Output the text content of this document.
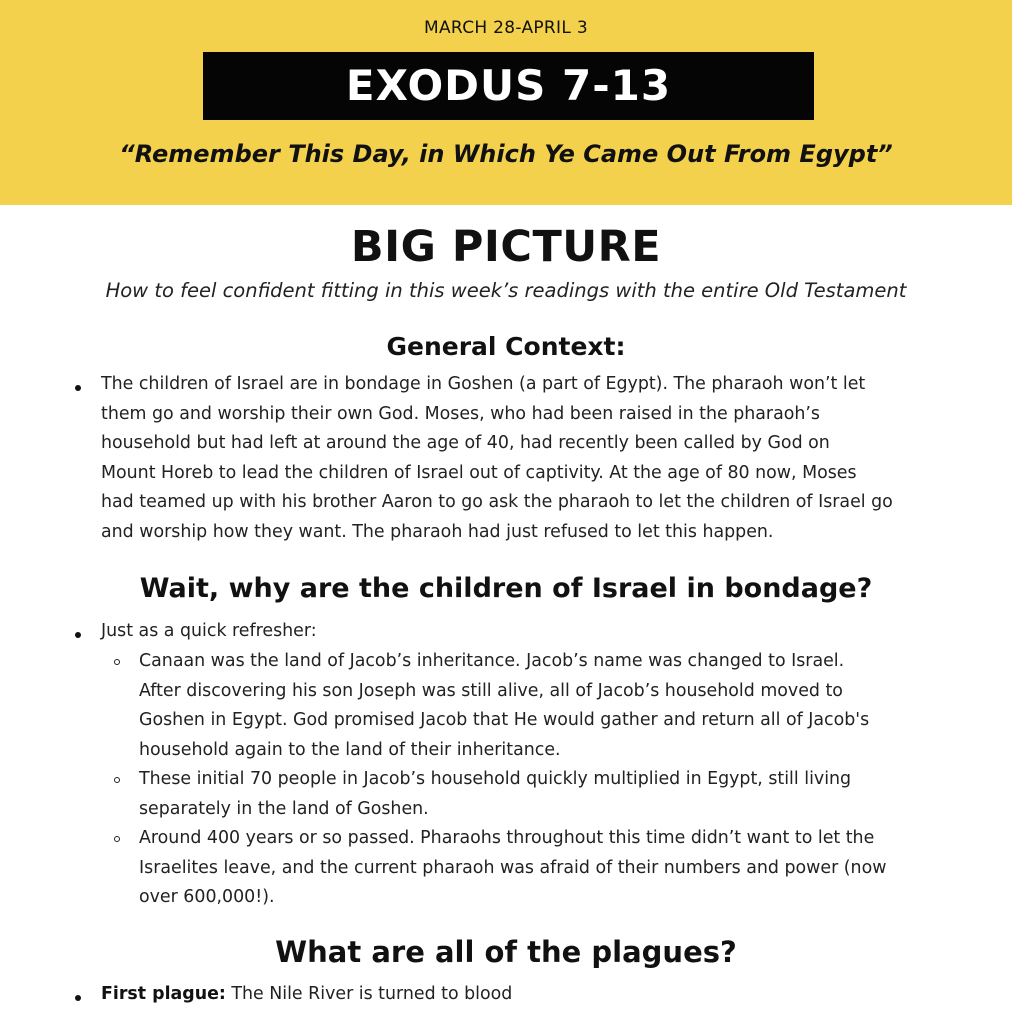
MARCH 28-APRIL 3
EXODUS 7-13
“Remember This Day, in Which Ye Came Out From Egypt”
BIG PICTURE
How to feel confident fitting in this week’s readings with the entire Old Testament
General Context:
The children of Israel are in bondage in Goshen (a part of Egypt). The pharaoh won’t let
them go and worship their own God. Moses, who had been raised in the pharaoh’s
household but had left at around the age of 40, had recently been called by God on
Mount Horeb to lead the children of Israel out of captivity. At the age of 80 now, Moses
had teamed up with his brother Aaron to go ask the pharaoh to let the children of Israel go
and worship how they want. The pharaoh had just refused to let this happen.
Wait, why are the children of Israel in bondage?
Just as a quick refresher:
Canaan was the land of Jacob’s inheritance. Jacob’s name was changed to Israel.
After discovering his son Joseph was still alive, all of Jacob’s household moved to
Goshen in Egypt. God promised Jacob that He would gather and return all of Jacob's
household again to the land of their inheritance.
These initial 70 people in Jacob’s household quickly multiplied in Egypt, still living
separately in the land of Goshen.
Around 400 years or so passed. Pharaohs throughout this time didn’t want to let the
Israelites leave, and the current pharaoh was afraid of their numbers and power (now
over 600,000!).
What are all of the plagues?
First plague: The Nile River is turned to blood
